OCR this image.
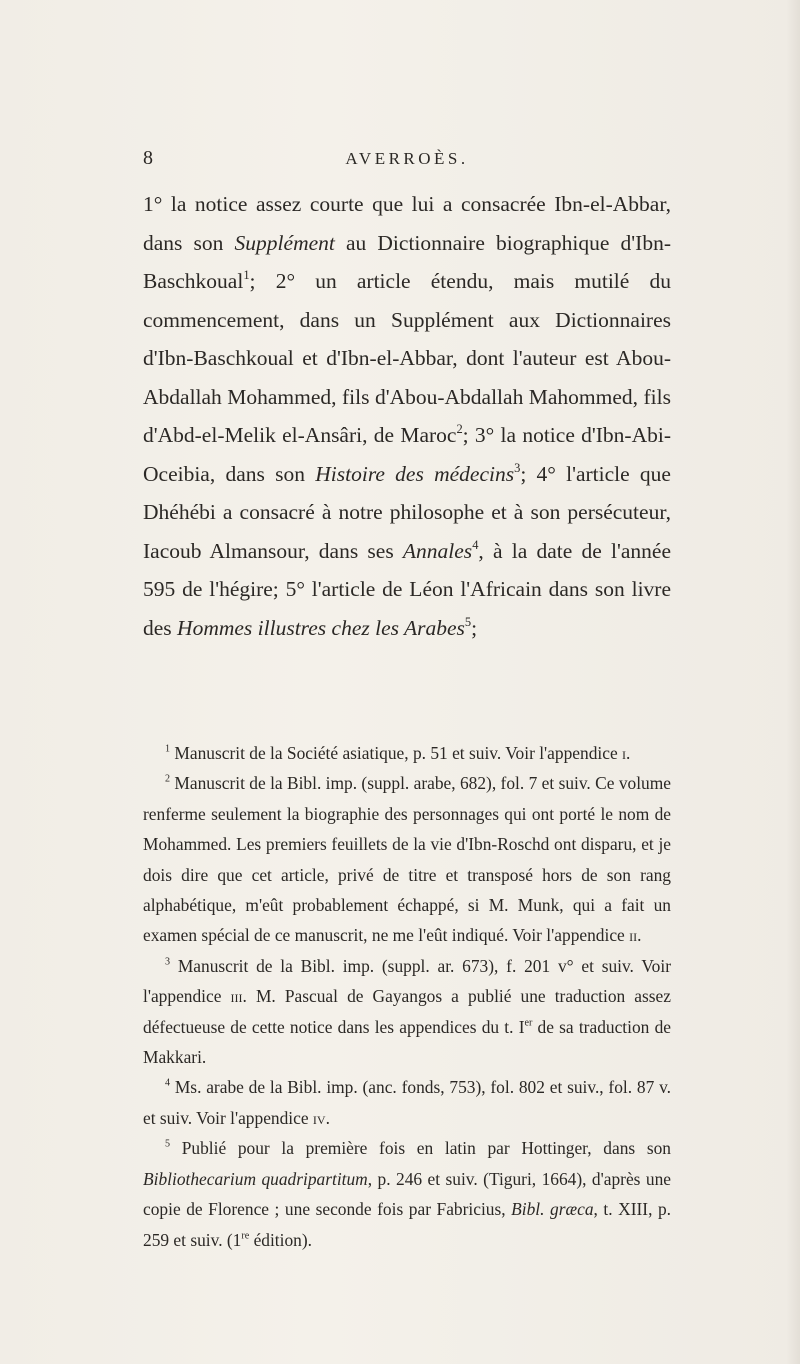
8	AVERROÈS.

1° la notice assez courte que lui a consacrée Ibn-el-Abbar, dans son Supplément au Dictionnaire biographique d'Ibn-Baschkoual$^1$; 2° un article étendu, mais mutilé du commencement, dans un Supplément aux Dictionnaires d'Ibn-Baschkoual et d'Ibn-el-Abbar, dont l'auteur est Abou-Abdallah Mohammed, fils d'Abou-Abdallah Mahommed, fils d'Abd-el-Melik el-Ansâri, de Maroc$^2$; 3° la notice d'Ibn-Abi-Oceibia, dans son Histoire des médecins$^3$; 4° l'article que Dhéhébi a consacré à notre philosophe et à son persécuteur, Iacoub Almansour, dans ses Annales$^4$, à la date de l'année 595 de l'hégire; 5° l'article de Léon l'Africain dans son livre des Hommes illustres chez les Arabes$^5$;

$^1$ Manuscrit de la Société asiatique, p. 51 et suiv. Voir l'appendice i.

$^2$ Manuscrit de la Bibl. imp. (suppl. arabe, 682), fol. 7 et suiv. Ce volume renferme seulement la biographie des personnages qui ont porté le nom de Mohammed. Les premiers feuillets de la vie d'Ibn-Roschd ont disparu, et je dois dire que cet article, privé de titre et transposé hors de son rang alphabétique, m'eût probablement échappé, si M. Munk, qui a fait un examen spécial de ce manuscrit, ne me l'eût indiqué. Voir l'appendice ii.

$^3$ Manuscrit de la Bibl. imp. (suppl. ar. 673), f. 201 v° et suiv. Voir l'appendice iii. M. Pascual de Gayangos a publié une traduction assez défectueuse de cette notice dans les appendices du t. Ier de sa traduction de Makkari.

$^4$ Ms. arabe de la Bibl. imp. (anc. fonds, 753), fol. 802 et suiv., fol. 87 v. et suiv. Voir l'appendice iv.

$^5$ Publié pour la première fois en latin par Hottinger, dans son Bibliothecarium quadripartitum, p. 246 et suiv. (Tiguri, 1664), d'après une copie de Florence ; une seconde fois par Fabricius, Bibl. græca, t. XIII, p. 259 et suiv. (1re édition).
